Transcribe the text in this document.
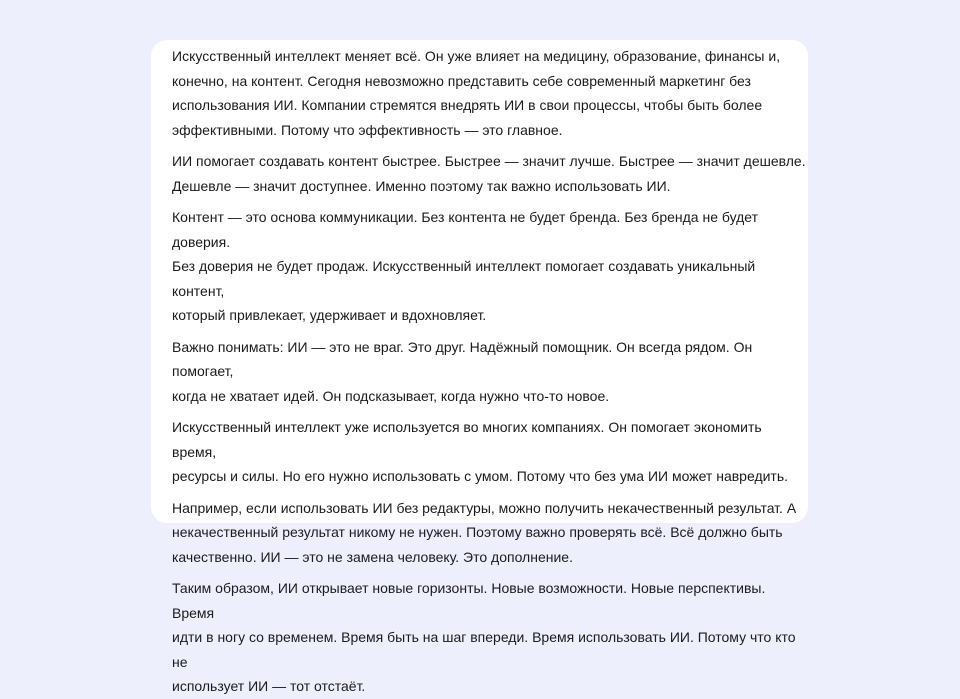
Искусственный интеллект меняет всё. Он уже влияет на медицину, образование, финансы и,
конечно, на контент. Сегодня невозможно представить себе современный маркетинг без
использования ИИ. Компании стремятся внедрять ИИ в свои процессы, чтобы быть более
эффективными. Потому что эффективность — это главное.

ИИ помогает создавать контент быстрее. Быстрее — значит лучше. Быстрее — значит дешевле.
Дешевле — значит доступнее. Именно поэтому так важно использовать ИИ.

Контент — это основа коммуникации. Без контента не будет бренда. Без бренда не будет доверия.
Без доверия не будет продаж. Искусственный интеллект помогает создавать уникальный контент,
который привлекает, удерживает и вдохновляет.

Важно понимать: ИИ — это не враг. Это друг. Надёжный помощник. Он всегда рядом. Он помогает,
когда не хватает идей. Он подсказывает, когда нужно что-то новое.

Искусственный интеллект уже используется во многих компаниях. Он помогает экономить время,
ресурсы и силы. Но его нужно использовать с умом. Потому что без ума ИИ может навредить.

Например, если использовать ИИ без редактуры, можно получить некачественный результат. А
некачественный результат никому не нужен. Поэтому важно проверять всё. Всё должно быть
качественно. ИИ — это не замена человеку. Это дополнение.

Таким образом, ИИ открывает новые горизонты. Новые возможности. Новые перспективы. Время
идти в ногу со временем. Время быть на шаг впереди. Время использовать ИИ. Потому что кто не
использует ИИ — тот отстаёт.
